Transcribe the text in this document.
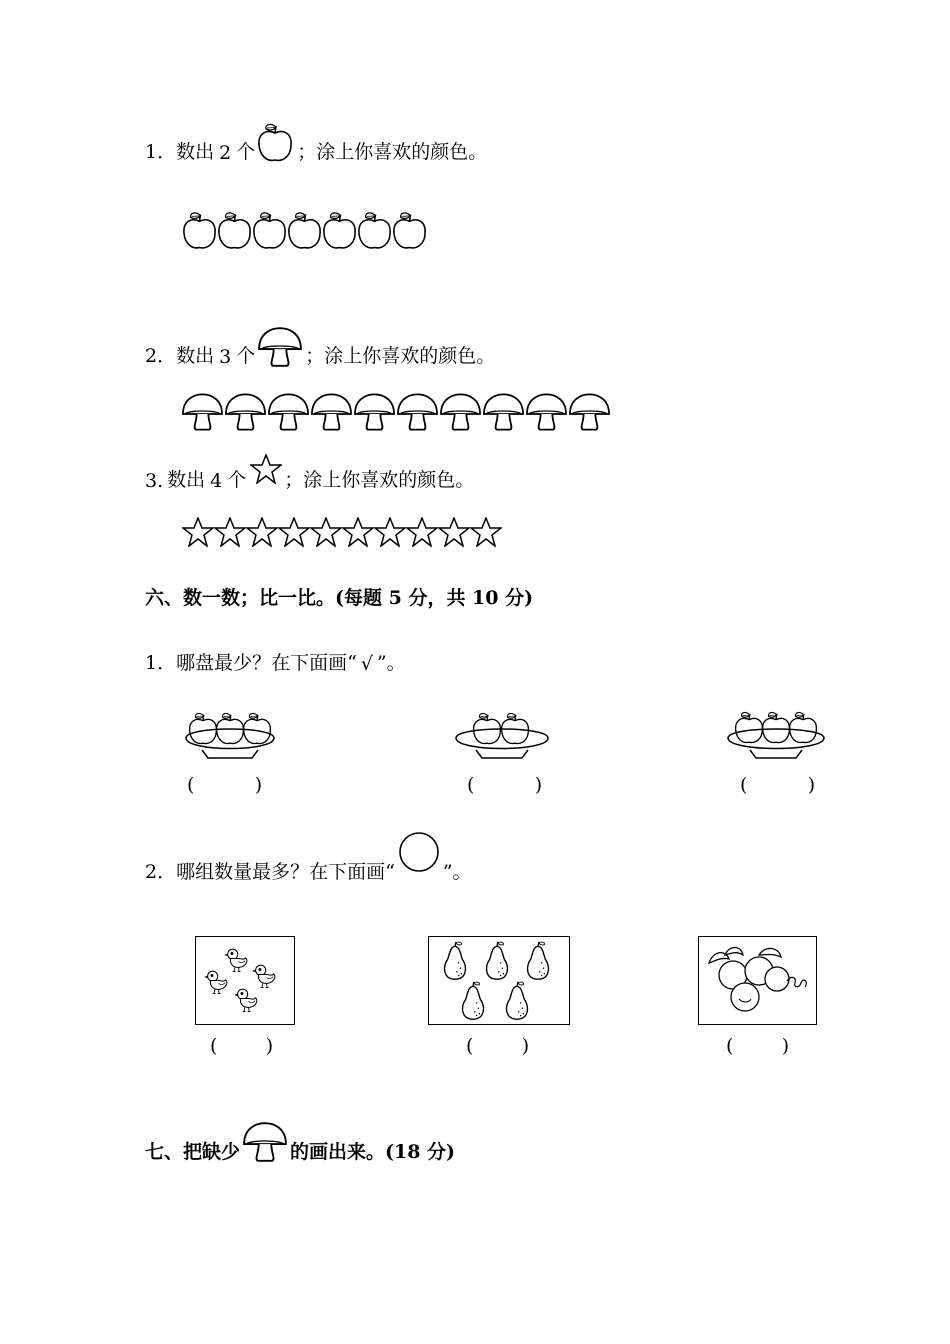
1． 数出 2 个 ；涂上你喜欢的颜色。
2． 数出 3 个	；涂上你喜欢的颜色。
3. 数出 4 个 ；涂上你喜欢的颜色。
六、数一数；比一比。(每题 5 分，共 10 分)
1．哪盘最少？在下面画“ √ ”。
(          )	(          )	(          )
2．哪组数量最多？在下面画“	”。
(        )	(        )	(        )
七、把缺少	的画出来。(18 分)
